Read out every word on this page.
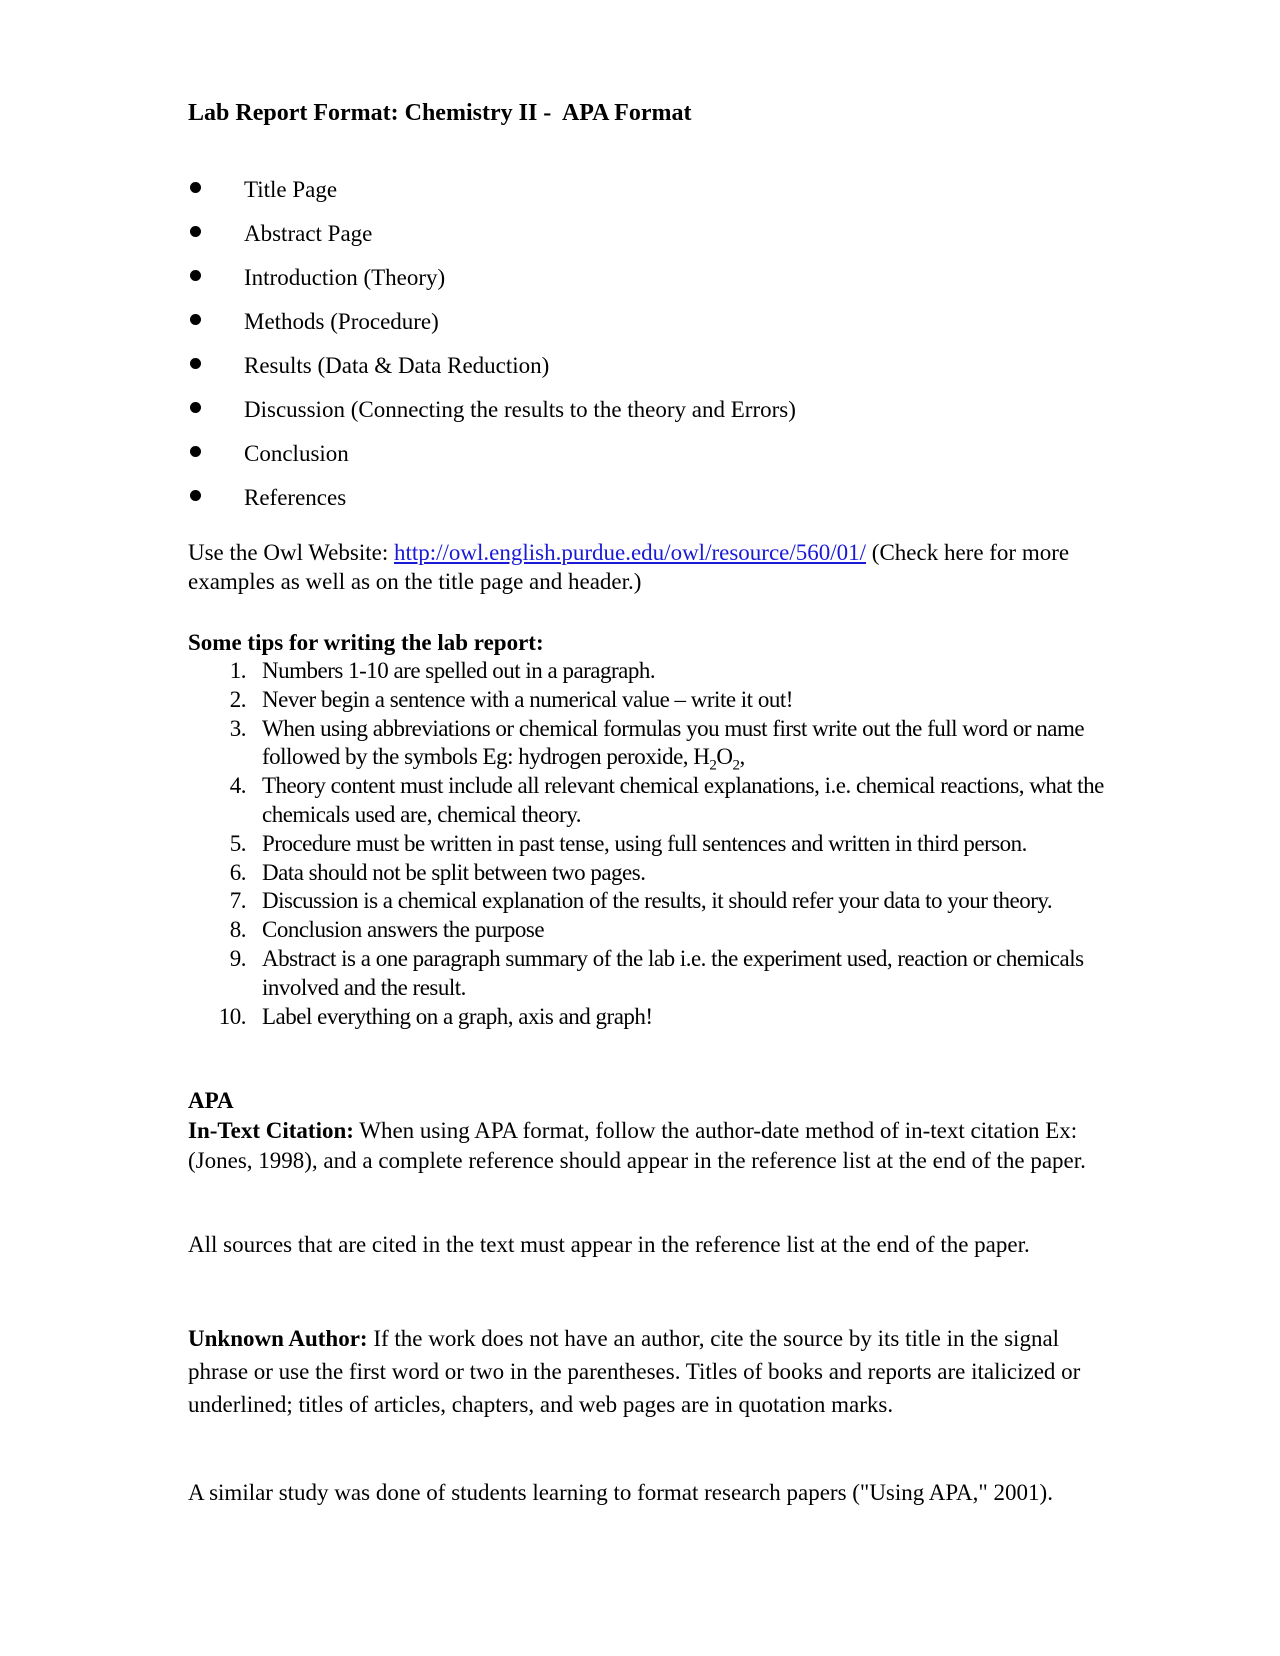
Lab Report Format: Chemistry II -  APA Format
Title Page
Abstract Page
Introduction (Theory)
Methods (Procedure)
Results (Data & Data Reduction)
Discussion (Connecting the results to the theory and Errors)
Conclusion
References
Use the Owl Website: http://owl.english.purdue.edu/owl/resource/560/01/ (Check here for more examples as well as on the title page and header.)
Some tips for writing the lab report:
1. Numbers 1-10 are spelled out in a paragraph.
2. Never begin a sentence with a numerical value – write it out!
3. When using abbreviations or chemical formulas you must first write out the full word or name followed by the symbols Eg: hydrogen peroxide, $H_2O_2$,
4. Theory content must include all relevant chemical explanations, i.e. chemical reactions, what the chemicals used are, chemical theory.
5. Procedure must be written in past tense, using full sentences and written in third person.
6. Data should not be split between two pages.
7. Discussion is a chemical explanation of the results, it should refer your data to your theory.
8. Conclusion answers the purpose
9. Abstract is a one paragraph summary of the lab i.e. the experiment used, reaction or chemicals involved and the result.
10. Label everything on a graph, axis and graph!
APA

In-Text Citation: When using APA format, follow the author-date method of in-text citation Ex: (Jones, 1998), and a complete reference should appear in the reference list at the end of the paper.

All sources that are cited in the text must appear in the reference list at the end of the paper.

Unknown Author: If the work does not have an author, cite the source by its title in the signal phrase or use the first word or two in the parentheses. Titles of books and reports are italicized or underlined; titles of articles, chapters, and web pages are in quotation marks.

A similar study was done of students learning to format research papers ("Using APA," 2001).
